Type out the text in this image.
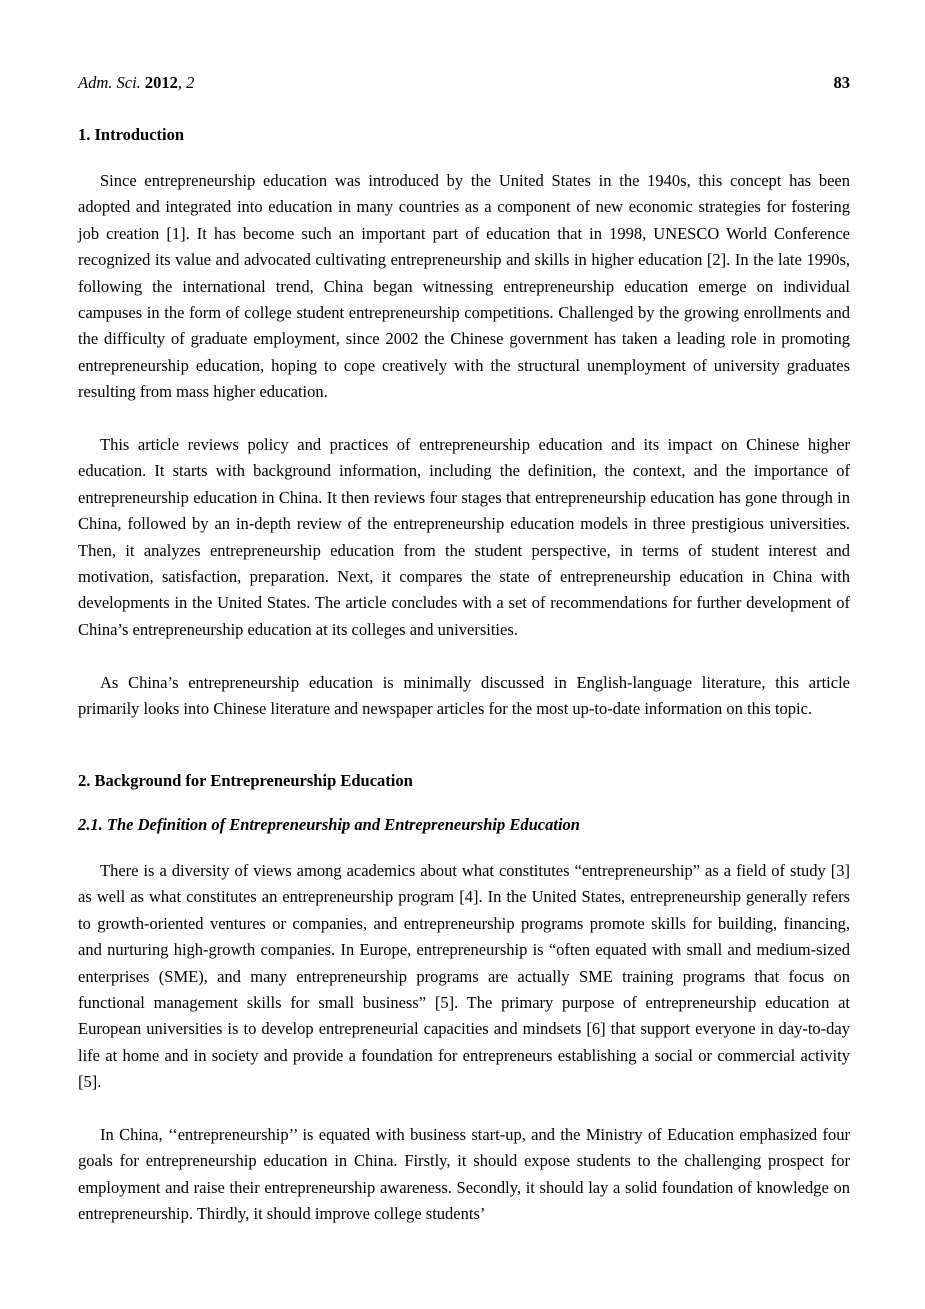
Adm. Sci. 2012, 2	83
1. Introduction

Since entrepreneurship education was introduced by the United States in the 1940s, this concept has been adopted and integrated into education in many countries as a component of new economic strategies for fostering job creation [1]. It has become such an important part of education that in 1998, UNESCO World Conference recognized its value and advocated cultivating entrepreneurship and skills in higher education [2]. In the late 1990s, following the international trend, China began witnessing entrepreneurship education emerge on individual campuses in the form of college student entrepreneurship competitions. Challenged by the growing enrollments and the difficulty of graduate employment, since 2002 the Chinese government has taken a leading role in promoting entrepreneurship education, hoping to cope creatively with the structural unemployment of university graduates resulting from mass higher education.

This article reviews policy and practices of entrepreneurship education and its impact on Chinese higher education. It starts with background information, including the definition, the context, and the importance of entrepreneurship education in China. It then reviews four stages that entrepreneurship education has gone through in China, followed by an in-depth review of the entrepreneurship education models in three prestigious universities. Then, it analyzes entrepreneurship education from the student perspective, in terms of student interest and motivation, satisfaction, preparation. Next, it compares the state of entrepreneurship education in China with developments in the United States. The article concludes with a set of recommendations for further development of China’s entrepreneurship education at its colleges and universities.

As China’s entrepreneurship education is minimally discussed in English-language literature, this article primarily looks into Chinese literature and newspaper articles for the most up-to-date information on this topic.

2. Background for Entrepreneurship Education
2.1. The Definition of Entrepreneurship and Entrepreneurship Education

There is a diversity of views among academics about what constitutes “entrepreneurship” as a field of study [3] as well as what constitutes an entrepreneurship program [4]. In the United States, entrepreneurship generally refers to growth-oriented ventures or companies, and entrepreneurship programs promote skills for building, financing, and nurturing high-growth companies. In Europe, entrepreneurship is “often equated with small and medium-sized enterprises (SME), and many entrepreneurship programs are actually SME training programs that focus on functional management skills for small business” [5]. The primary purpose of entrepreneurship education at European universities is to develop entrepreneurial capacities and mindsets [6] that support everyone in day-to-day life at home and in society and provide a foundation for entrepreneurs establishing a social or commercial activity [5].

In China, ‘‘entrepreneurship’’ is equated with business start-up, and the Ministry of Education emphasized four goals for entrepreneurship education in China. Firstly, it should expose students to the challenging prospect for employment and raise their entrepreneurship awareness. Secondly, it should lay a solid foundation of knowledge on entrepreneurship. Thirdly, it should improve college students’
